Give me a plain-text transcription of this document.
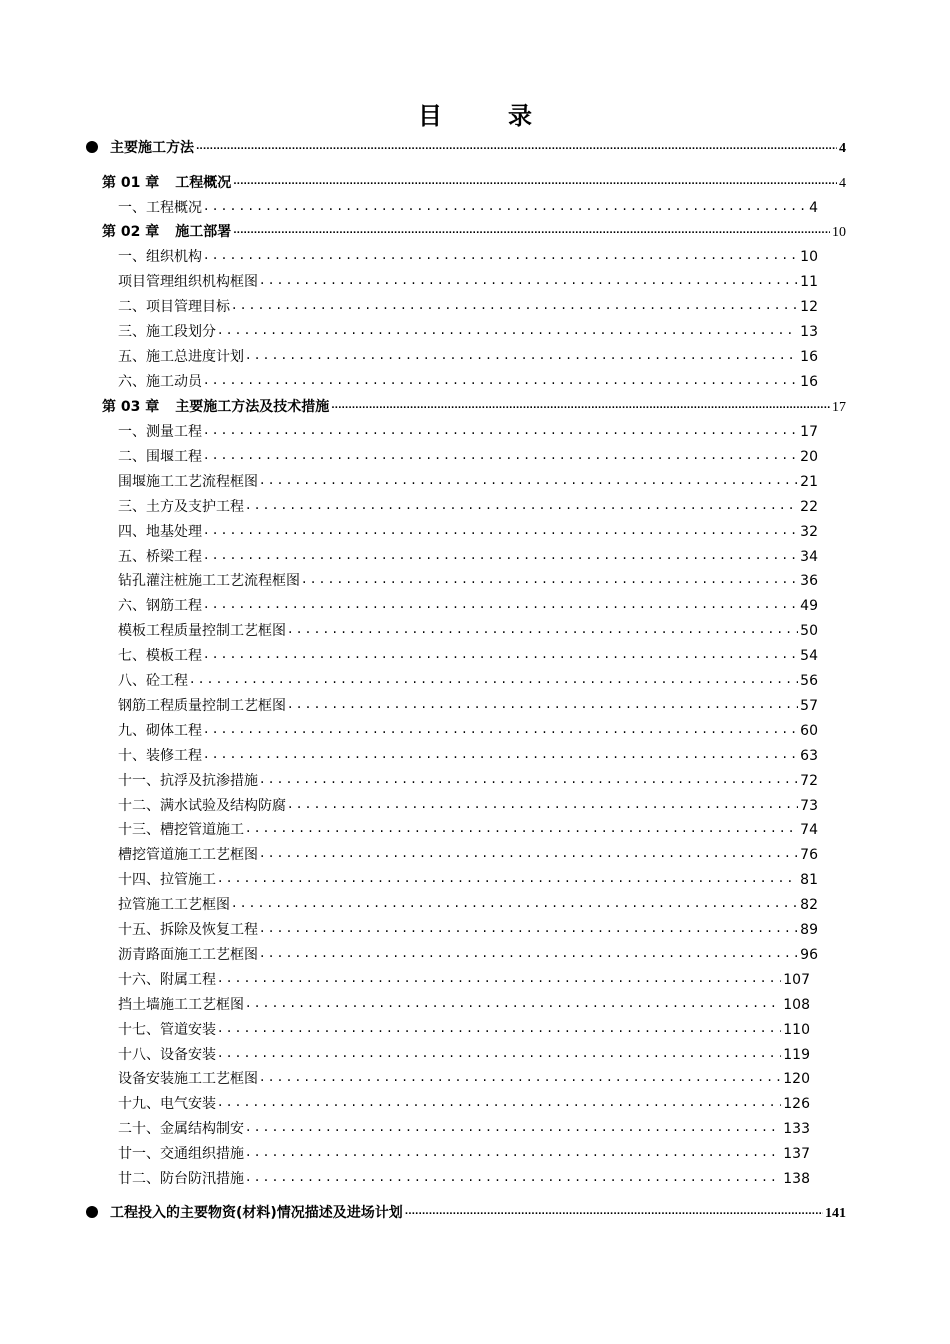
目	录
主要施工方法 .....	4
第 01 章 工程概况 .....	4
一、工程概况 . . .	4
第 02 章 施工部署 .....	10
一、组织机构 . . .	10
项目管理组织机构框图 . . .	11
二、项目管理目标 . . .	12
三、施工段划分 . . .	13
五、施工总进度计划 . . .	16
六、施工动员 . . .	16
第 03 章 主要施工方法及技术措施 .....	17
一、测量工程 . . .	17
二、围堰工程 . . .	20
围堰施工工艺流程框图 . . .	21
三、土方及支护工程 . . .	22
四、地基处理 . . .	32
五、桥梁工程 . . .	34
钻孔灌注桩施工工艺流程框图 . . .	36
六、钢筋工程 . . .	49
模板工程质量控制工艺框图 . . .	50
七、模板工程 . . .	54
八、砼工程 . . .	56
钢筋工程质量控制工艺框图 . . .	57
九、砌体工程 . . .	60
十、装修工程 . . .	63
十一、抗浮及抗渗措施 . . .	72
十二、满水试验及结构防腐 . . .	73
十三、槽挖管道施工 . . .	74
槽挖管道施工工艺框图 . . .	76
十四、拉管施工 . . .	81
拉管施工工艺框图 . . .	82
十五、拆除及恢复工程 . . .	89
沥青路面施工工艺框图 . . .	96
十六、附属工程 . . .	107
挡土墙施工工艺框图 . . .	108
十七、管道安装 . . .	110
十八、设备安装 . . .	119
设备安装施工工艺框图 . . .	120
十九、电气安装 . . .	126
二十、金属结构制安 . . .	133
廿一、交通组织措施 . . .	137
廿二、防台防汛措施 . . .	138
工程投入的主要物资(材料)情况描述及进场计划 .....	141
